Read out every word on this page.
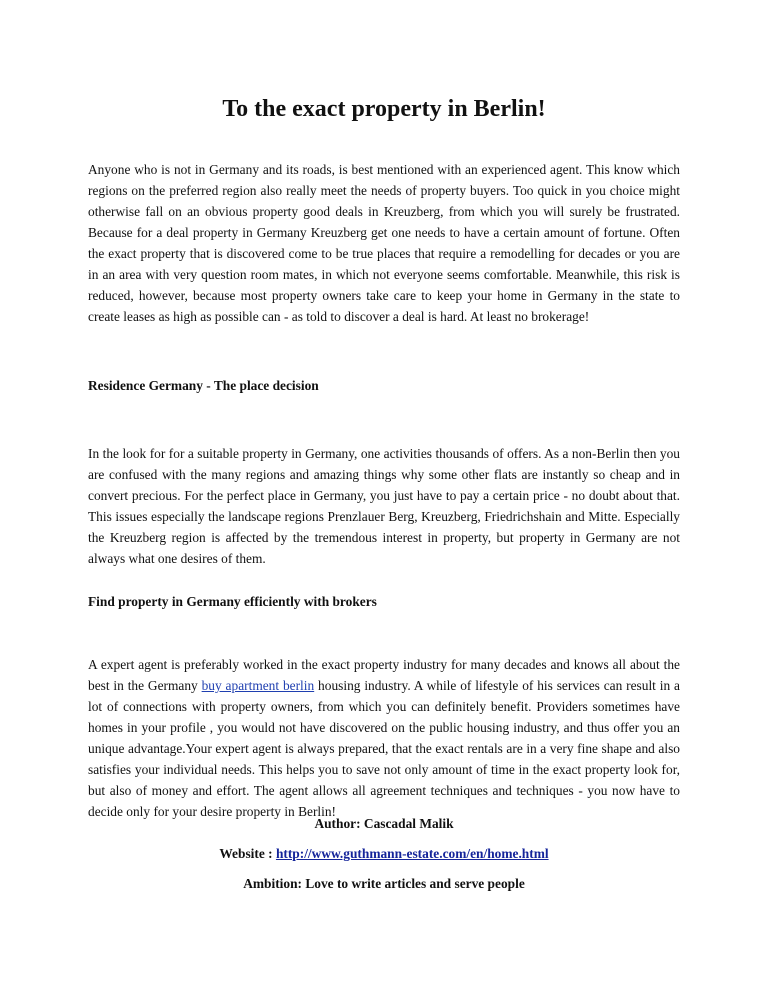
To the exact property in Berlin!

Anyone who is not in Germany and its roads, is best mentioned with an experienced agent. This know which regions on the preferred region also really meet the needs of property buyers. Too quick in you choice might otherwise fall on an obvious property good deals in Kreuzberg, from which you will surely be frustrated. Because for a deal property in Germany Kreuzberg get one needs to have a certain amount of fortune. Often the exact property that is discovered come to be true places that require a remodelling for decades or you are in an area with very question room mates, in which not everyone seems comfortable. Meanwhile, this risk is reduced, however, because most property owners take care to keep your home in Germany in the state to create leases as high as possible can - as told to discover a deal is hard. At least no brokerage!

Residence Germany - The place decision

In the look for for a suitable property in Germany, one activities thousands of offers. As a non-Berlin then you are confused with the many regions and amazing things why some other flats are instantly so cheap and in convert precious. For the perfect place in Germany, you just have to pay a certain price - no doubt about that. This issues especially the landscape regions Prenzlauer Berg, Kreuzberg, Friedrichshain and Mitte. Especially the Kreuzberg region is affected by the tremendous interest in property, but property in Germany are not always what one desires of them.

Find property in Germany efficiently with brokers

A expert agent is preferably worked in the exact property industry for many decades and knows all about the best in the Germany buy apartment berlin housing industry. A while of lifestyle of his services can result in a lot of connections with property owners, from which you can definitely benefit. Providers sometimes have homes in your profile , you would not have discovered on the public housing industry, and thus offer you an unique advantage.Your expert agent is always prepared, that the exact rentals are in a very fine shape and also satisfies your individual needs. This helps you to save not only amount of time in the exact property look for, but also of money and effort. The agent allows all agreement techniques and techniques - you now have to decide only for your desire property in Berlin!

Author: Cascadal Malik

Website : http://www.guthmann-estate.com/en/home.html

Ambition: Love to write articles and serve people
